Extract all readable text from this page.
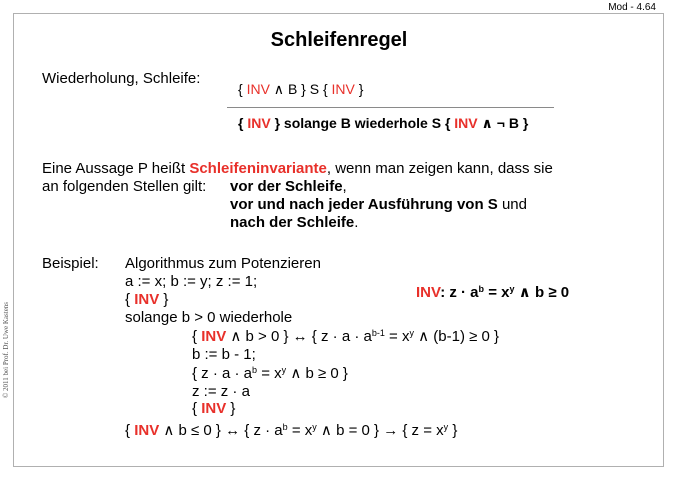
Mod - 4.64
Schleifenregel
© 2011 bei Prof. Dr. Uwe Kastens
Wiederholung, Schleife:
{ INV ∧ B } S { INV }
{ INV } solange B wiederhole S { INV ∧ ¬ B }
Eine Aussage P heißt Schleifeninvariante, wenn man zeigen kann, dass sie
an folgenden Stellen gilt: vor der Schleife,
vor und nach jeder Ausführung von S und
nach der Schleife.
Beispiel: Algorithmus zum Potenzieren
a := x; b := y; z := 1;
{ INV }
solange b > 0 wiederhole
INV: $z \cdot a^b = x^y$ ∧ b ≥ 0
{ INV ∧ b > 0 } ↔ { $z \cdot a \cdot a^{b-1} = x^y$ ∧ (b-1) ≥ 0 }
b := b - 1;
{ $z \cdot a \cdot a^b = x^y$ ∧ b ≥ 0 }
z := z · a
{ INV }
{ INV ∧ b ≤ 0 } ↔ { $z \cdot a^b = x^y$ ∧ b = 0 } → { $z = x^y$ }
